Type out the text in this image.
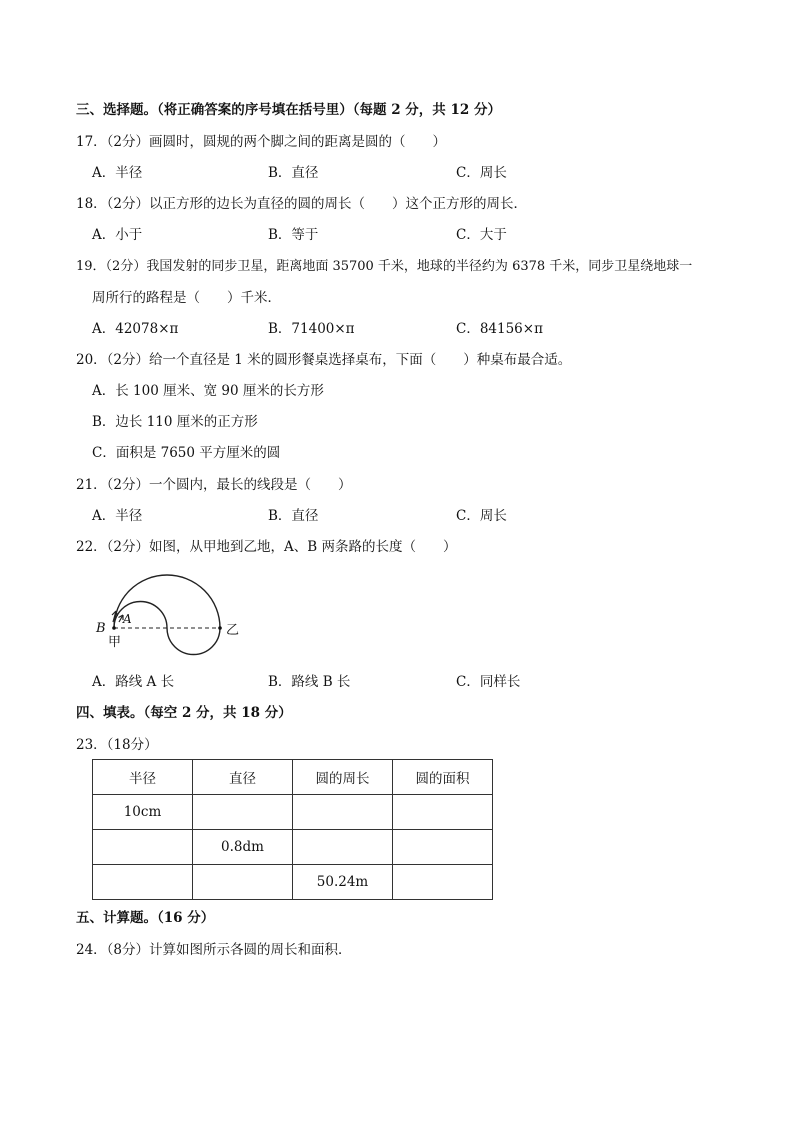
三、选择题。（将正确答案的序号填在括号里）（每题 2 分，共 12 分）
17．（2分）画圆时，圆规的两个脚之间的距离是圆的（　　）
A．半径	B．直径	C．周长
18．（2分）以正方形的边长为直径的圆的周长（　　）这个正方形的周长．
A．小于	B．等于	C．大于
19．（2分）我国发射的同步卫星，距离地面 35700 千米，地球的半径约为 6378 千米，同步卫星绕地球一
周所行的路程是（　　）千米．
A．42078×π	B．71400×π	C．84156×π
20．（2分）给一个直径是 1 米的圆形餐桌选择桌布，下面（　　）种桌布最合适。
A．长 100 厘米、宽 90 厘米的长方形
B．边长 110 厘米的正方形
C．面积是 7650 平方厘米的圆
21．（2分）一个圆内，最长的线段是（　　）
A．半径	B．直径	C．周长
22．（2分）如图，从甲地到乙地，A、B 两条路的长度（　　）
B
A
甲
乙
A．路线 A 长	B．路线 B 长	C．同样长
四、填表。（每空 2 分，共 18 分）
23．（18分）
半径	直径	圆的周长	圆的面积
10cm			
	0.8dm		
		50.24m	
五、计算题。（16 分）
24．（8分）计算如图所示各圆的周长和面积．
